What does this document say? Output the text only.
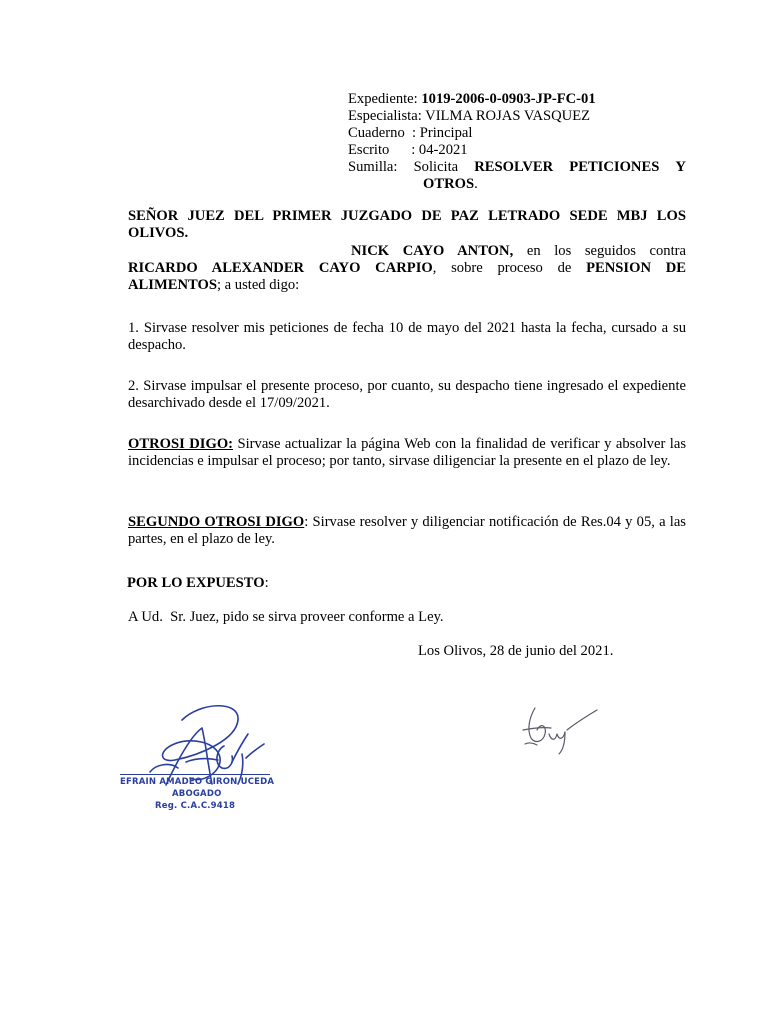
Expediente: 1019-2006-0-0903-JP-FC-01
Especialista: VILMA ROJAS VASQUEZ
Cuaderno : Principal
Escrito : 04-2021
Sumilla: Solicita RESOLVER PETICIONES Y
OTROS.
SEÑOR JUEZ DEL PRIMER JUZGADO DE PAZ LETRADO SEDE MBJ LOS
OLIVOS.
NICK CAYO ANTON, en los seguidos contra RICARDO ALEXANDER CAYO CARPIO, sobre proceso de PENSION DE ALIMENTOS; a usted digo:
1. Sirvase resolver mis peticiones de fecha 10 de mayo del 2021 hasta la fecha, cursado a su despacho.
2. Sirvase impulsar el presente proceso, por cuanto, su despacho tiene ingresado el expediente desarchivado desde el 17/09/2021.
OTROSI DIGO: Sirvase actualizar la página Web con la finalidad de verificar y absolver las incidencias e impulsar el proceso; por tanto, sirvase diligenciar la presente en el plazo de ley.
SEGUNDO OTROSI DIGO: Sirvase resolver y diligenciar notificación de Res.04 y 05, a las partes, en el plazo de ley.
POR LO EXPUESTO:
A Ud.  Sr. Juez, pido se sirva proveer conforme a Ley.
Los Olivos, 28 de junio del 2021.
EFRAIN AMADEO GIRON UCEDA
ABOGADO
Reg. C.A.C.9418
